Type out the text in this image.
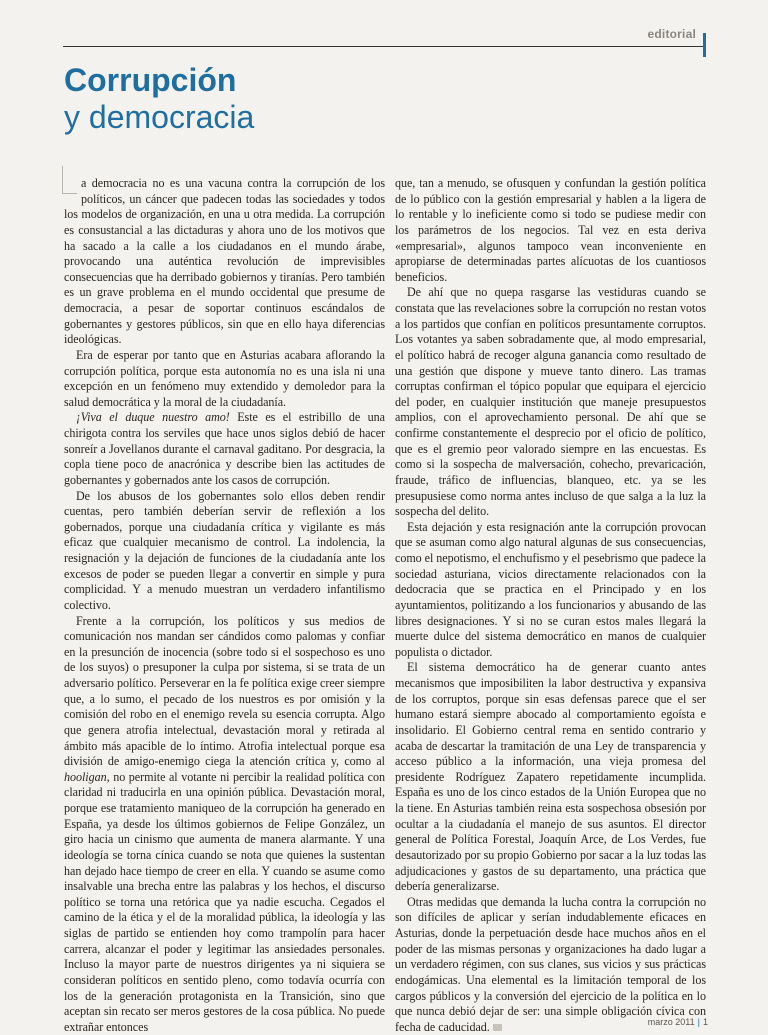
editorial
Corrupción
y democracia

a democracia no es una vacuna contra la corrupción de los políticos, un cáncer que padecen todas las sociedades y todos los modelos de organización, en una u otra medida. La corrupción es consustancial a las dictaduras y ahora uno de los motivos que ha sacado a la calle a los ciudadanos en el mundo árabe, provocando una auténtica revolución de imprevisibles consecuencias que ha derribado gobiernos y tiranías. Pero también es un grave problema en el mundo occidental que presume de democracia, a pesar de soportar continuos escándalos de gobernantes y gestores públicos, sin que en ello haya diferencias ideológicas.

Era de esperar por tanto que en Asturias acabara aflorando la corrupción política, porque esta autonomía no es una isla ni una excepción en un fenómeno muy extendido y demoledor para la salud democrática y la moral de la ciudadanía.

¡Viva el duque nuestro amo! Este es el estribillo de una chirigota contra los serviles que hace unos siglos debió de hacer sonreír a Jovellanos durante el carnaval gaditano. Por desgracia, la copla tiene poco de anacrónica y describe bien las actitudes de gobernantes y gobernados ante los casos de corrupción.

De los abusos de los gobernantes solo ellos deben rendir cuentas, pero también deberían servir de reflexión a los gobernados, porque una ciudadanía crítica y vigilante es más eficaz que cualquier mecanismo de control. La indolencia, la resignación y la dejación de funciones de la ciudadanía ante los excesos de poder se pueden llegar a convertir en simple y pura complicidad. Y a menudo muestran un verdadero infantilismo colectivo.

Frente a la corrupción, los políticos y sus medios de comunicación nos mandan ser cándidos como palomas y confiar en la presunción de inocencia (sobre todo si el sospechoso es uno de los suyos) o presuponer la culpa por sistema, si se trata de un adversario político. Perseverar en la fe política exige creer siempre que, a lo sumo, el pecado de los nuestros es por omisión y la comisión del robo en el enemigo revela su esencia corrupta. Algo que genera atrofia intelectual, devastación moral y retirada al ámbito más apacible de lo íntimo. Atrofia intelectual porque esa división de amigo-enemigo ciega la atención crítica y, como al hooligan, no permite al votante ni percibir la realidad política con claridad ni traducirla en una opinión pública. Devastación moral, porque ese tratamiento maniqueo de la corrupción ha generado en España, ya desde los últimos gobiernos de Felipe González, un giro hacia un cinismo que aumenta de manera alarmante. Y una ideología se torna cínica cuando se nota que quienes la sustentan han dejado hace tiempo de creer en ella. Y cuando se asume como insalvable una brecha entre las palabras y los hechos, el discurso político se torna una retórica que ya nadie escucha. Cegados el camino de la ética y el de la moralidad pública, la ideología y las siglas de partido se entienden hoy como trampolín para hacer carrera, alcanzar el poder y legitimar las ansiedades personales. Incluso la mayor parte de nuestros dirigentes ya ni siquiera se consideran políticos en sentido pleno, como todavía ocurría con los de la generación protagonista en la Transición, sino que aceptan sin recato ser meros gestores de la cosa pública. No puede extrañar entonces

que, tan a menudo, se ofusquen y confundan la gestión política de lo público con la gestión empresarial y hablen a la ligera de lo rentable y lo ineficiente como si todo se pudiese medir con los parámetros de los negocios. Tal vez en esta deriva «empresarial», algunos tampoco vean inconveniente en apropiarse de determinadas partes alícuotas de los cuantiosos beneficios.

De ahí que no quepa rasgarse las vestiduras cuando se constata que las revelaciones sobre la corrupción no restan votos a los partidos que confían en políticos presuntamente corruptos. Los votantes ya saben sobradamente que, al modo empresarial, el político habrá de recoger alguna ganancia como resultado de una gestión que dispone y mueve tanto dinero. Las tramas corruptas confirman el tópico popular que equipara el ejercicio del poder, en cualquier institución que maneje presupuestos amplios, con el aprovechamiento personal. De ahí que se confirme constantemente el desprecio por el oficio de político, que es el gremio peor valorado siempre en las encuestas. Es como si la sospecha de malversación, cohecho, prevaricación, fraude, tráfico de influencias, blanqueo, etc. ya se les presupusiese como norma antes incluso de que salga a la luz la sospecha del delito.

Esta dejación y esta resignación ante la corrupción provocan que se asuman como algo natural algunas de sus consecuencias, como el nepotismo, el enchufismo y el pesebrismo que padece la sociedad asturiana, vicios directamente relacionados con la dedocracia que se practica en el Principado y en los ayuntamientos, politizando a los funcionarios y abusando de las libres designaciones. Y si no se curan estos males llegará la muerte dulce del sistema democrático en manos de cualquier populista o dictador.

El sistema democrático ha de generar cuanto antes mecanismos que imposibiliten la labor destructiva y expansiva de los corruptos, porque sin esas defensas parece que el ser humano estará siempre abocado al comportamiento egoísta e insolidario. El Gobierno central rema en sentido contrario y acaba de descartar la tramitación de una Ley de transparencia y acceso público a la información, una vieja promesa del presidente Rodríguez Zapatero repetidamente incumplida. España es uno de los cinco estados de la Unión Europea que no la tiene. En Asturias también reina esta sospechosa obsesión por ocultar a la ciudadanía el manejo de sus asuntos. El director general de Política Forestal, Joaquín Arce, de Los Verdes, fue desautorizado por su propio Gobierno por sacar a la luz todas las adjudicaciones y gastos de su departamento, una práctica que debería generalizarse.

Otras medidas que demanda la lucha contra la corrupción no son difíciles de aplicar y serían indudablemente eficaces en Asturias, donde la perpetuación desde hace muchos años en el poder de las mismas personas y organizaciones ha dado lugar a un verdadero régimen, con sus clanes, sus vicios y sus prácticas endogámicas. Una elemental es la limitación temporal de los cargos públicos y la conversión del ejercicio de la política en lo que nunca debió dejar de ser: una simple obligación cívica con fecha de caducidad.	marzo 2011 | 1
